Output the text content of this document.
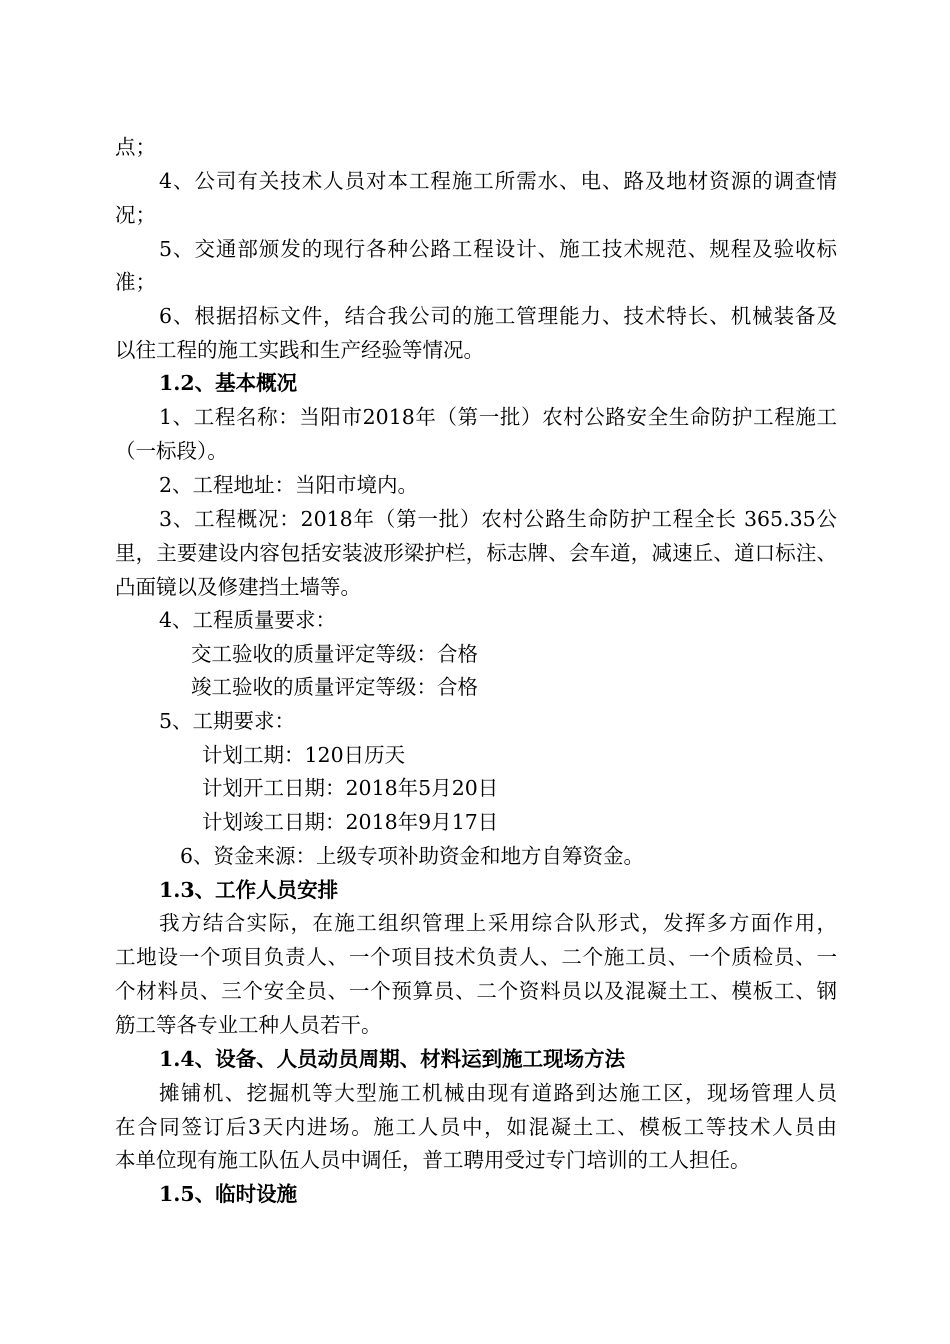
点；
4、公司有关技术人员对本工程施工所需水、电、路及地材资源的调查情
况；
5、交通部颁发的现行各种公路工程设计、施工技术规范、规程及验收标
准；
6、根据招标文件，结合我公司的施工管理能力、技术特长、机械装备及
以往工程的施工实践和生产经验等情况。
1.2、基本概况
1、工程名称：当阳市2018年（第一批）农村公路安全生命防护工程施工
（一标段）。
2、工程地址：当阳市境内。
3、工程概况：2018年（第一批）农村公路生命防护工程全长 365.35公
里，主要建设内容包括安装波形梁护栏，标志牌、会车道，减速丘、道口标注、
凸面镜以及修建挡土墙等。
4、工程质量要求：
交工验收的质量评定等级：合格
竣工验收的质量评定等级：合格
5、工期要求：
计划工期：120日历天
计划开工日期：2018年5月20日
计划竣工日期：2018年9月17日
6、资金来源：上级专项补助资金和地方自筹资金。
1.3、工作人员安排
我方结合实际，在施工组织管理上采用综合队形式，发挥多方面作用，
工地设一个项目负责人、一个项目技术负责人、二个施工员、一个质检员、一
个材料员、三个安全员、一个预算员、二个资料员以及混凝土工、模板工、钢
筋工等各专业工种人员若干。
1.4、设备、人员动员周期、材料运到施工现场方法
摊铺机、挖掘机等大型施工机械由现有道路到达施工区，现场管理人员
在合同签订后3天内进场。施工人员中，如混凝土工、模板工等技术人员由
本单位现有施工队伍人员中调任，普工聘用受过专门培训的工人担任。
1.5、临时设施
